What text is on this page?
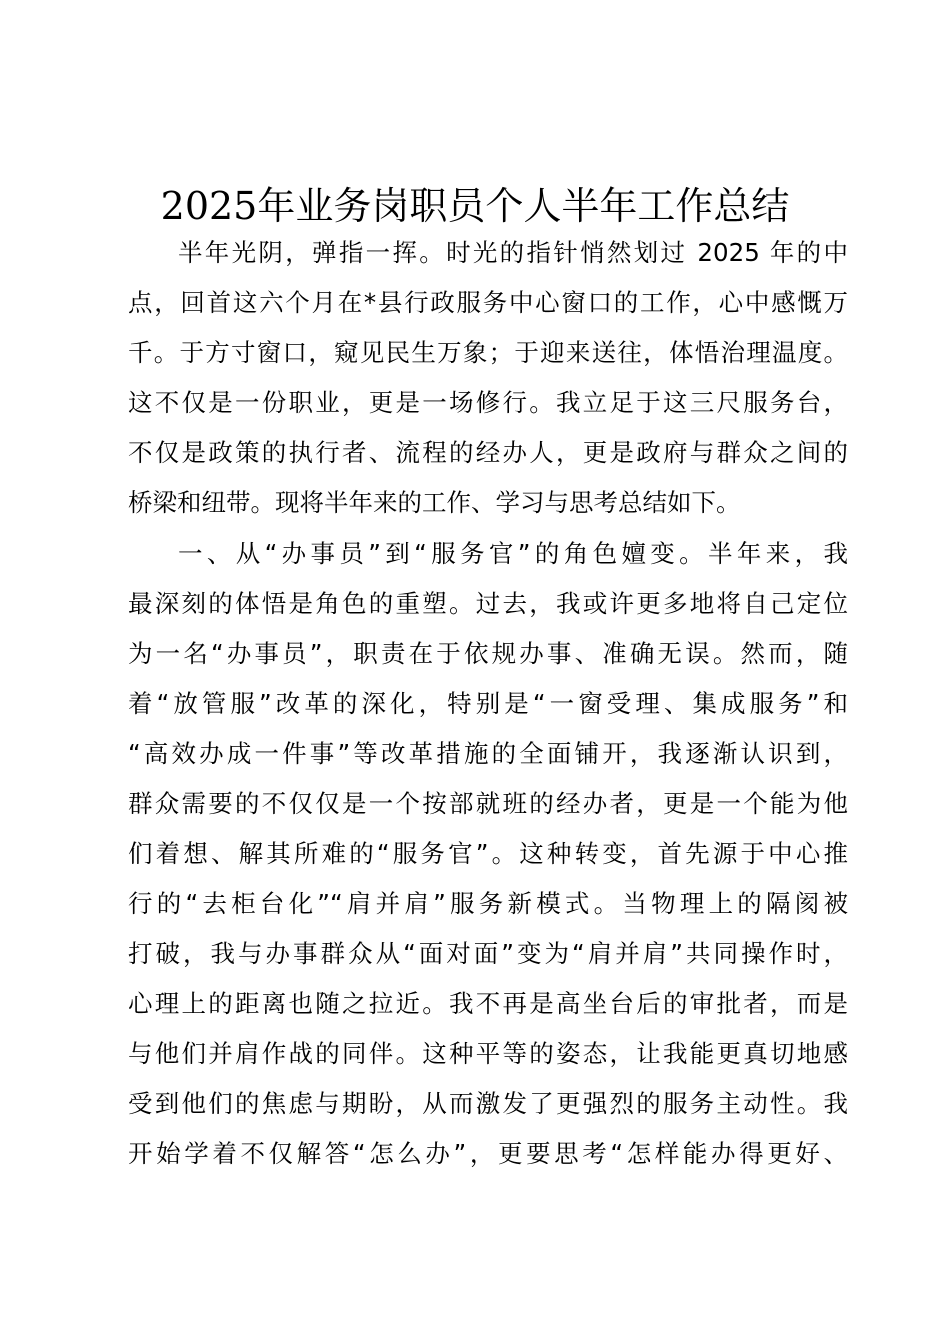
2025年业务岗职员个人半年工作总结

半年光阴，弹指一挥。时光的指针悄然划过 2025 年的中

点，回首这六个月在*县行政服务中心窗口的工作，心中感慨万

千。于方寸窗口，窥见民生万象；于迎来送往，体悟治理温度。

这不仅是一份职业，更是一场修行。我立足于这三尺服务台，

不仅是政策的执行者、流程的经办人，更是政府与群众之间的

桥梁和纽带。现将半年来的工作、学习与思考总结如下。

一、从“办事员”到“服务官”的角色嬗变。半年来，我

最深刻的体悟是角色的重塑。过去，我或许更多地将自己定位

为一名“办事员”，职责在于依规办事、准确无误。然而，随

着“放管服”改革的深化，特别是“一窗受理、集成服务”和

“高效办成一件事”等改革措施的全面铺开，我逐渐认识到，

群众需要的不仅仅是一个按部就班的经办者，更是一个能为他

们着想、解其所难的“服务官”。这种转变，首先源于中心推

行的“去柜台化”“肩并肩”服务新模式。当物理上的隔阂被

打破，我与办事群众从“面对面”变为“肩并肩”共同操作时，

心理上的距离也随之拉近。我不再是高坐台后的审批者，而是

与他们并肩作战的同伴。这种平等的姿态，让我能更真切地感

受到他们的焦虑与期盼，从而激发了更强烈的服务主动性。我

开始学着不仅解答“怎么办”，更要思考“怎样能办得更好、
